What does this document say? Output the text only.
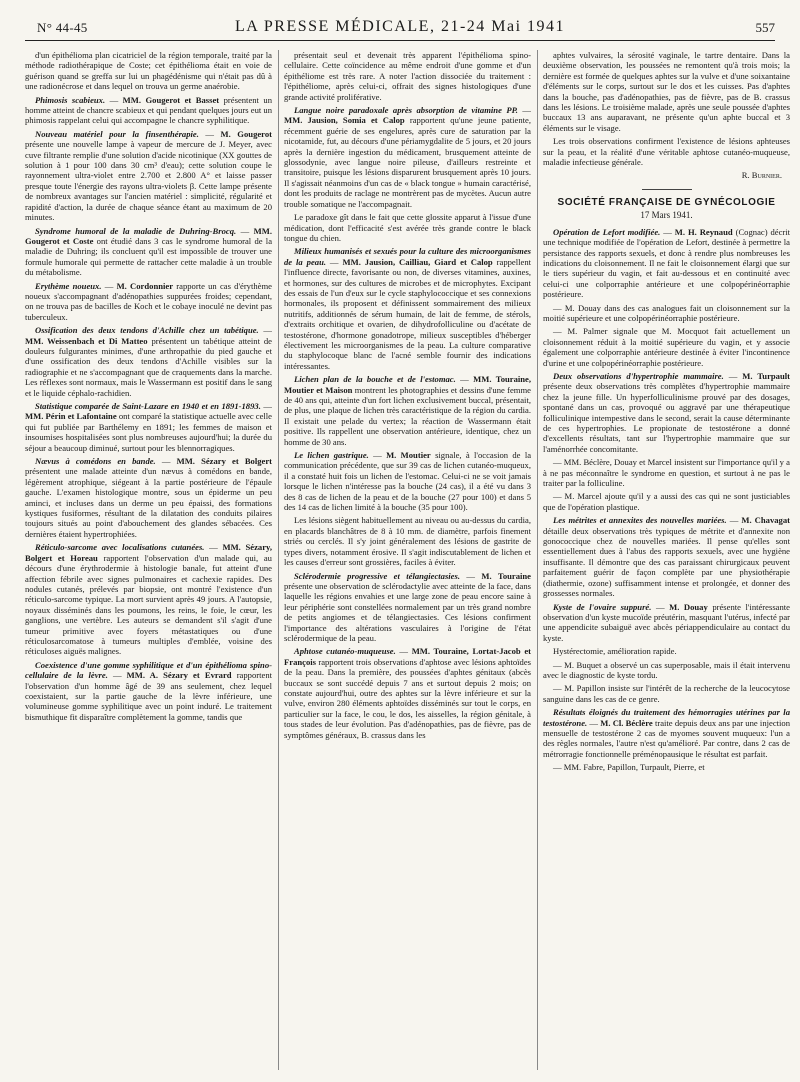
N° 44-45	LA PRESSE MÉDICALE, 21-24 Mai 1941	557

d'un épithélioma plan cicatriciel de la région temporale, traité par la méthode radiothérapique de Coste; cet épithélioma était en voie de guérison quand se greffa sur lui un phagédénisme qui n'était pas dû à une radionécrose et dans lequel on trouva un germe anaérobie.

Phimosis scabieux. — MM. Gougerot et Basset présentent un homme atteint de chancre scabieux et qui pendant quelques jours eut un phimosis rappelant celui qui accompagne le chancre syphilitique.

Nouveau matériel pour la finsenthérapie. — M. Gougerot présente une nouvelle lampe à vapeur de mercure de J. Meyer, avec cuve filtrante remplie d'une solution d'acide nicotinique (XX gouttes de solution à 1 pour 100 dans 30 cm³ d'eau); cette solution coupe le rayonnement ultra-violet entre 2.700 et 2.800 A° et laisse passer presque toute l'énergie des rayons ultra-violets β. Cette lampe présente de nombreux avantages sur l'ancien matériel : simplicité, régularité et rapidité d'action, la durée de chaque séance étant au maximum de 20 minutes.

Syndrome humoral de la maladie de Duhring-Brocq. — MM. Gougerot et Coste ont étudié dans 3 cas le syndrome humoral de la maladie de Duhring; ils concluent qu'il est impossible de trouver une formule humorale qui permette de rattacher cette maladie à un trouble du métabolisme.

Erythème noueux. — M. Cordonnier rapporte un cas d'érythème noueux s'accompagnant d'adénopathies suppurées froides; cependant, on ne trouva pas de bacilles de Koch et le cobaye inoculé ne devint pas tuberculeux.

Ossification des deux tendons d'Achille chez un tabétique. — MM. Weissenbach et Di Matteo présentent un tabétique atteint de douleurs fulgurantes minimes, d'une arthropathie du pied gauche et d'une ossification des deux tendons d'Achille visibles sur la radiographie et ne s'accompagnant que de craquements dans la marche. Les réflexes sont normaux, mais le Wassermann est positif dans le sang et le liquide céphalo-rachidien.

Statistique comparée de Saint-Lazare en 1940 et en 1891-1893. — MM. Périn et Lafontaine ont comparé la statistique actuelle avec celle qui fut publiée par Barthélemy en 1891; les femmes de maison et insoumises hospitalisées sont plus nombreuses aujourd'hui; la durée du séjour a beaucoup diminué, surtout pour les blennorragiques.

Nævus à comédons en bande. — MM. Sézary et Bolgert présentent une malade atteinte d'un nævus à comédons en bande, légèrement atrophique, siégeant à la partie postérieure de l'épaule gauche. L'examen histologique montre, sous un épiderme un peu aminci, et incluses dans un derme un peu épaissi, des formations kystiques fusiformes, résultant de la dilatation des conduits pilaires toujours situés au point d'abouchement des glandes sébacées. Ces dernières étaient hypertrophiées.

Réticulo-sarcome avec localisations cutanées. — MM. Sézary, Bolgert et Horeau rapportent l'observation d'un malade qui, au décours d'une érythrodermie à histologie banale, fut atteint d'une affection fébrile avec signes pulmonaires et cachexie rapides. Des nodules cutanés, prélevés par biopsie, ont montré l'existence d'un réticulo-sarcome typique. La mort survient après 49 jours. A l'autopsie, noyaux disséminés dans les poumons, les reins, le foie, le cœur, les ganglions, une vertèbre. Les auteurs se demandent s'il s'agit d'une tumeur primitive avec foyers métastatiques ou d'une réticulosarcomatose à tumeurs multiples d'emblée, voisine des réticuloses aiguës malignes.

Coexistence d'une gomme syphilitique et d'un épithélioma spino-cellulaire de la lèvre. — MM. A. Sézary et Evrard rapportent l'observation d'un homme âgé de 39 ans seulement, chez lequel coexistaient, sur la partie gauche de la lèvre inférieure, une volumineuse gomme syphilitique avec un point induré. Le traitement bismuthique fit disparaître complètement la gomme, tandis que

présentait seul et devenait très apparent l'épithélioma spino-cellulaire. Cette coïncidence au même endroit d'une gomme et d'un épithéliome est très rare. A noter l'action dissociée du traitement : l'épithéliome, après celui-ci, offrait des signes histologiques d'une grande activité proliférative.

Langue noire paradoxale après absorption de vitamine PP. — MM. Jausion, Somia et Calop rapportent qu'une jeune patiente, récemment guérie de ses engelures, après cure de saturation par la nicotamide, fut, au décours d'une périamygdalite de 5 jours, et 20 jours après la dernière ingestion du médicament, brusquement atteinte de glossodynie, avec langue noire pileuse, d'ailleurs restreinte et transitoire, puisque les lésions disparurent brusquement après 10 jours. Il s'agissait néanmoins d'un cas de « black tongue » humain caractérisé, dont les produits de raclage ne montrèrent pas de mycètes. Aucun autre trouble somatique ne l'accompagnait.

Le paradoxe gît dans le fait que cette glossite apparut à l'issue d'une médication, dont l'efficacité s'est avérée très grande contre le black tongue du chien.

Milieux humanisés et sexués pour la culture des microorganismes de la peau. — MM. Jausion, Cailliau, Giard et Calop rappellent l'influence directe, favorisante ou non, de diverses vitamines, auxines, et hormones, sur des cultures de microbes et de microphytes. Excipant des essais de l'un d'eux sur le cycle staphylococcique et ses connexions hormonales, ils proposent et définissent sommairement des milieux nutritifs, additionnés de sérum humain, de lait de femme, de stérols, d'extraits orchitique et ovarien, de dihydrofolliculine ou d'acétate de testostérone, d'hormone gonadotrope, milieux susceptibles d'héberger électivement les microorganismes de la peau. La culture comparative du staphylocoque blanc de l'acné semble fournir des indications intéressantes.

Lichen plan de la bouche et de l'estomac. — MM. Touraine, Moutier et Maison montrent les photographies et dessins d'une femme de 40 ans qui, atteinte d'un fort lichen exclusivement buccal, présentait, de plus, une plaque de lichen très caractéristique de la région du cardia. Il existait une pelade du vertex; la réaction de Wassermann était positive. Ils rappellent une observation antérieure, identique, chez un homme de 30 ans.

Le lichen gastrique. — M. Moutier signale, à l'occasion de la communication précédente, que sur 39 cas de lichen cutanéo-muqueux, il a constaté huit fois un lichen de l'estomac. Celui-ci ne se voit jamais lorsque le lichen n'intéresse pas la bouche (24 cas), il a été vu dans 3 des 8 cas de lichen de la peau et de la bouche (27 pour 100) et dans 5 des 14 cas de lichen limité à la bouche (35 pour 100).

Les lésions siègent habituellement au niveau ou au-dessus du cardia, en placards blanchâtres de 8 à 10 mm. de diamètre, parfois finement striés ou cerclés. Il s'y joint généralement des lésions de gastrite de types divers, notamment érosive. Il s'agit indiscutablement de lichen et les causes d'erreur sont grossières, faciles à éviter.

Sclérodermie progressive et télangiectasies. — M. Touraine présente une observation de sclérodactylie avec atteinte de la face, dans laquelle les régions envahies et une large zone de peau encore saine à leur périphérie sont constellées normalement par un très grand nombre de petits angiomes et de télangiectasies. Ces lésions confirment l'importance des altérations vasculaires à l'origine de l'état sclérodermique de la peau.

Aphtose cutanéo-muqueuse. — MM. Touraine, Lortat-Jacob et François rapportent trois observations d'aphtose avec lésions aphtoïdes de la peau. Dans la première, des poussées d'aphtes génitaux (abcès buccaux se sont succédé depuis 7 ans et surtout depuis 2 mois; on constate aujourd'hui, outre des aphtes sur la lèvre inférieure et sur la vulve, environ 280 éléments aphtoïdes disséminés sur tout le corps, en particulier sur la face, le cou, le dos, les aisselles, la région génitale, à tous stades de leur évolution. Pas d'adénopathies, pas de fièvre, pas de symptômes généraux, B. crassus dans les

aphtes vulvaires, la sérosité vaginale, le tartre dentaire. Dans la deuxième observation, les poussées ne remontent qu'à trois mois; la dernière est formée de quelques aphtes sur la vulve et d'une soixantaine d'éléments sur le corps, surtout sur le dos et les cuisses. Pas d'aphtes dans la bouche, pas d'adénopathies, pas de fièvre, pas de B. crassus dans les lésions. Le troisième malade, après une seule poussée d'aphtes buccaux 13 ans auparavant, ne présente qu'un aphte buccal et 3 éléments sur le visage.

Les trois observations confirment l'existence de lésions aphteuses sur la peau, et la réalité d'une véritable aphtose cutanéo-muqueuse, maladie infectieuse générale.

R. Burnier.
SOCIÉTÉ FRANÇAISE DE GYNÉCOLOGIE
17 Mars 1941.

Opération de Lefort modifiée. — M. H. Reynaud (Cognac) décrit une technique modifiée de l'opération de Lefort, destinée à permettre la persistance des rapports sexuels, et donc à rendre plus nombreuses les indications du cloisonnement. Il ne fait le cloisonnement élargi que sur le tiers supérieur du vagin, et fait au-dessous et en continuité avec celui-ci une colporraphie antérieure et une colpopérinéorraphie postérieure.

— M. Douay dans des cas analogues fait un cloisonnement sur la moitié supérieure et une colpopérinéorraphie postérieure.

— M. Palmer signale que M. Mocquot fait actuellement un cloisonnement réduit à la moitié supérieure du vagin, et y associe également une colporraphie antérieure destinée à éviter l'incontinence d'urine et une colpopérinéorraphie postérieure.

Deux observations d'hypertrophie mammaire. — M. Turpault présente deux observations très complètes d'hypertrophie mammaire chez la jeune fille. Un hyperfolliculinisme prouvé par des dosages, spontané dans un cas, provoqué ou aggravé par une thérapeutique folliculinique intempestive dans le second, serait la cause déterminante de ces hypertrophies. Le propionate de testostérone a donné d'excellents résultats, tant sur l'hypertrophie mammaire que sur l'aménorrhée concomitante.

— MM. Béclère, Douay et Marcel insistent sur l'importance qu'il y a à ne pas méconnaître le syndrome en question, et surtout à ne pas le traiter par la folliculine.

— M. Marcel ajoute qu'il y a aussi des cas qui ne sont justiciables que de l'opération plastique.

Les métrites et annexites des nouvelles mariées. — M. Chavagat détaille deux observations très typiques de métrite et d'annexite non gonococcique chez de nouvelles mariées. Il pense qu'elles sont essentiellement dues à l'abus des rapports sexuels, avec une hygiène insuffisante. Il démontre que des cas paraissant chirurgicaux peuvent parfaitement guérir de façon complète par une physiothérapie (diathermie, ozone) suffisamment intense et prolongée, et donner des grossesses normales.

Kyste de l'ovaire suppuré. — M. Douay présente l'intéressante observation d'un kyste mucoïde préutérin, masquant l'utérus, infecté par une appendicite subaiguë avec abcès périappendiculaire au contact du kyste.

Hystérectomie, amélioration rapide.

— M. Buquet a observé un cas superposable, mais il était intervenu avec le diagnostic de kyste tordu.

— M. Papillon insiste sur l'intérêt de la recherche de la leucocytose sanguine dans les cas de ce genre.

Résultats éloignés du traitement des hémorragies utérines par la testostérone. — M. Cl. Béclère traite depuis deux ans par une injection mensuelle de testostérone 2 cas de myomes souvent muqueux: l'un a des règles normales, l'autre n'est qu'amélioré. Par contre, dans 2 cas de métrorragie fonctionnelle préménopausique le résultat est parfait.

— MM. Fabre, Papillon, Turpault, Pierre, et
